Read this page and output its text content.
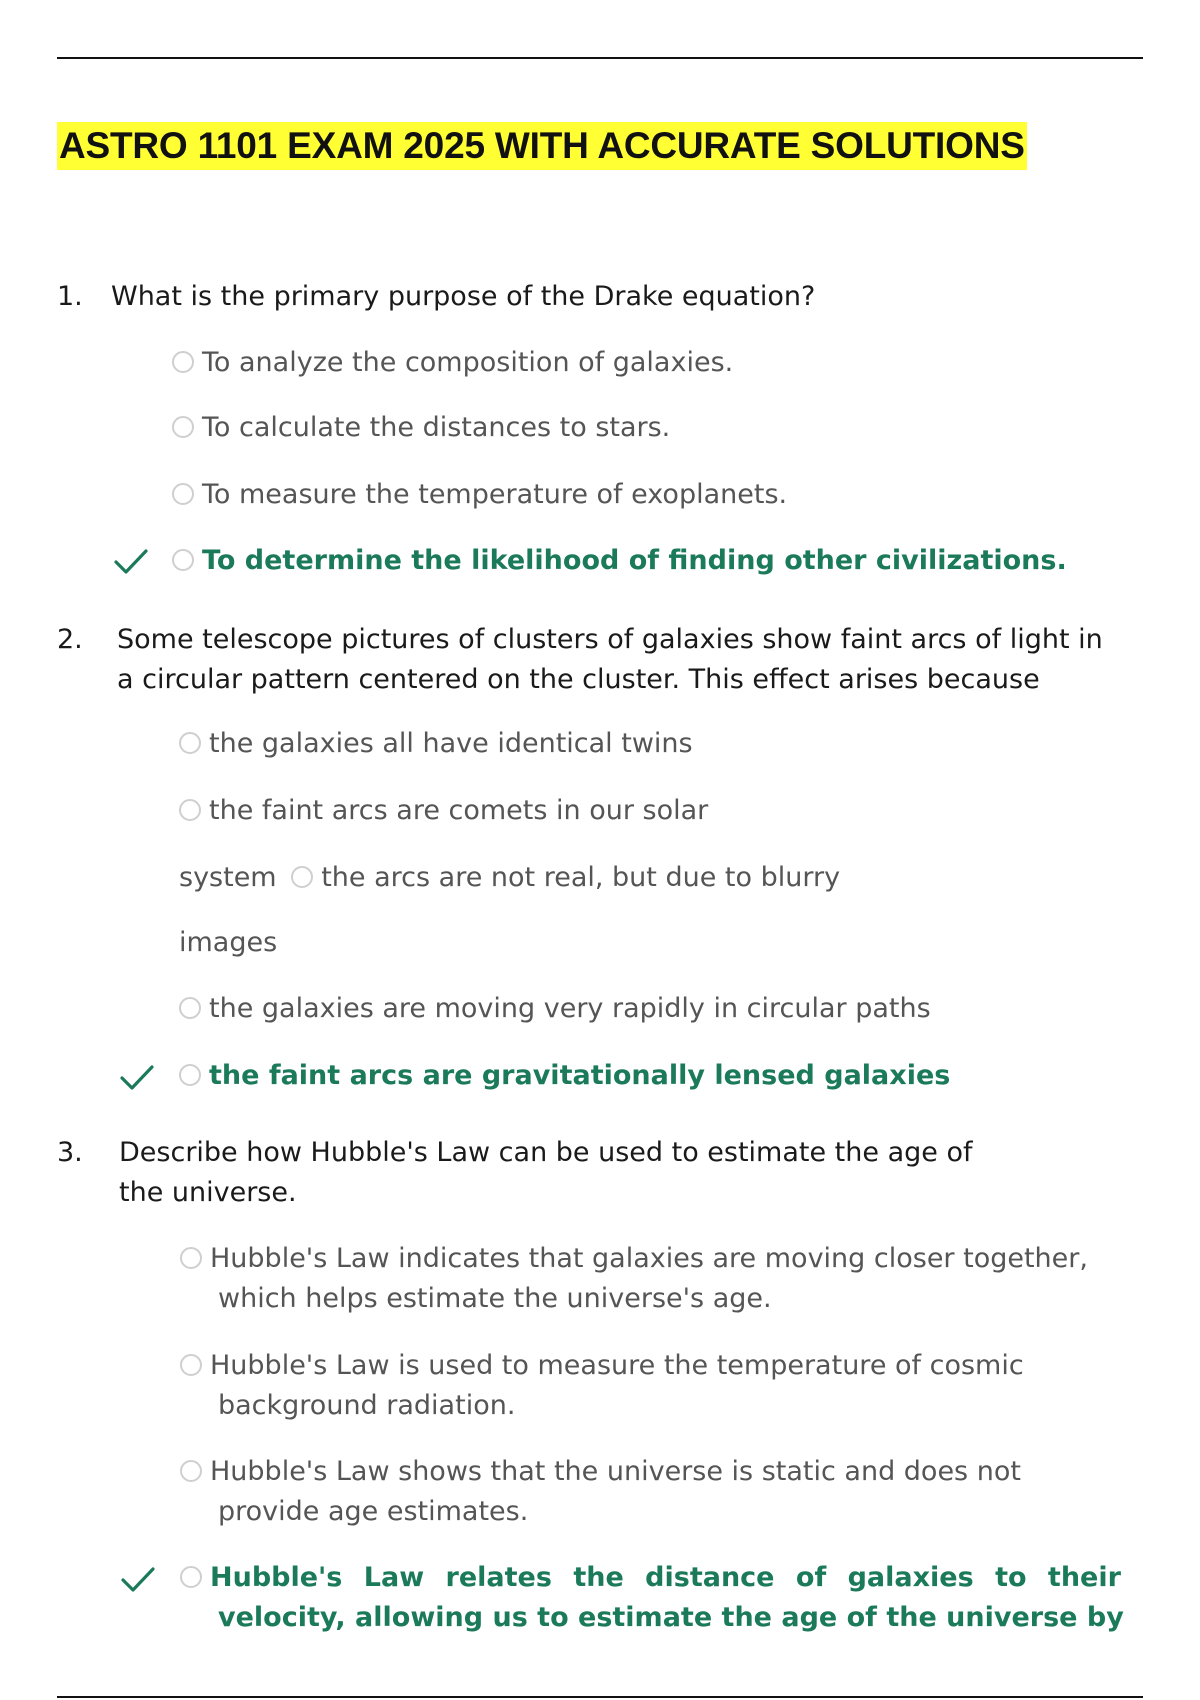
ASTRO 1101 EXAM 2025 WITH ACCURATE SOLUTIONS
1. What is the primary purpose of the Drake equation?
To analyze the composition of galaxies.
To calculate the distances to stars.
To measure the temperature of exoplanets.
To determine the likelihood of finding other civilizations.
2. Some telescope pictures of clusters of galaxies show faint arcs of light in
a circular pattern centered on the cluster. This effect arises because
the galaxies all have identical twins
the faint arcs are comets in our solar
system the arcs are not real, but due to blurry
images
the galaxies are moving very rapidly in circular paths
the faint arcs are gravitationally lensed galaxies
3. Describe how Hubble's Law can be used to estimate the age of
the universe.
Hubble's Law indicates that galaxies are moving closer together,
which helps estimate the universe's age.
Hubble's Law is used to measure the temperature of cosmic
background radiation.
Hubble's Law shows that the universe is static and does not
provide age estimates.
Hubble's Law relates the distance of galaxies to their
velocity, allowing us to estimate the age of the universe by
